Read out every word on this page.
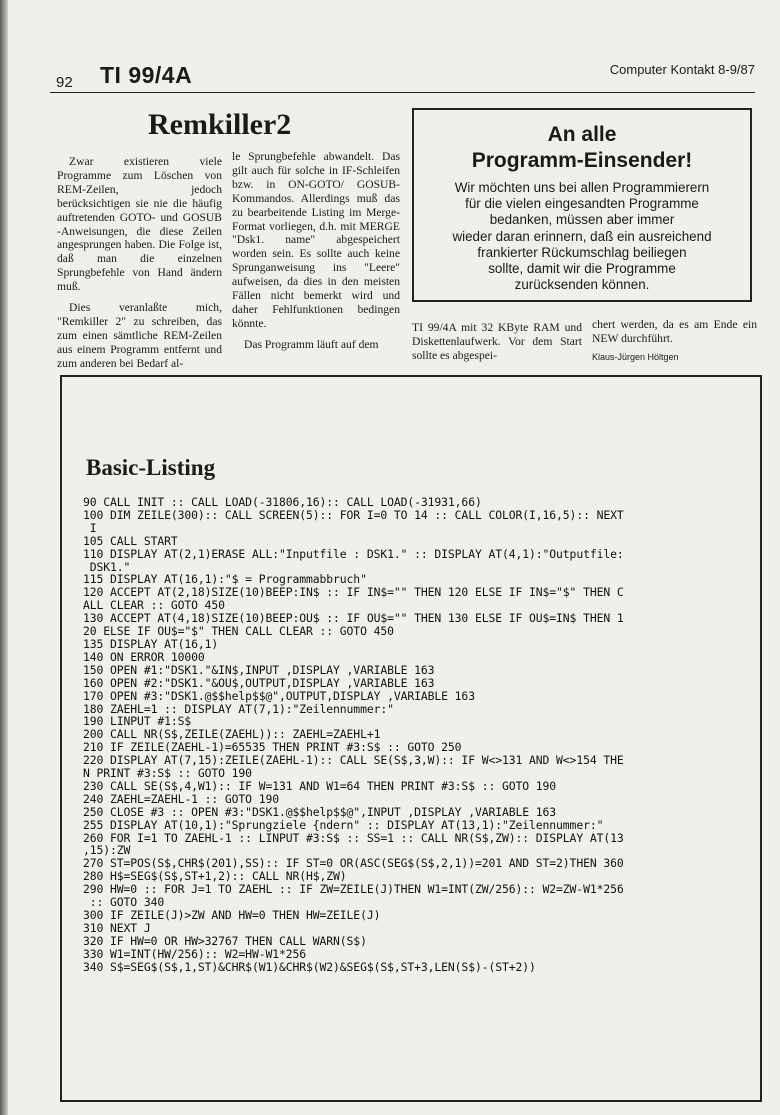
92 TI 99/4A	Computer Kontakt 8-9/87
Remkiller2

Zwar existieren viele Programme zum Löschen von REM-Zeilen, jedoch berücksichtigen sie nie die häufig auftretenden GOTO- und GOSUB -Anweisungen, die diese Zeilen angesprungen haben. Die Folge ist, daß man die einzelnen Sprungbefehle von Hand ändern muß.

Dies veranlaßte mich, "Remkiller 2" zu schreiben, das zum einen sämtliche REM-Zeilen aus einem Programm entfernt und zum anderen bei Bedarf al-

le Sprungbefehle abwandelt. Das gilt auch für solche in IF-Schleifen bzw. in ON-GOTO/ GOSUB-Kommandos. Allerdings muß das zu bearbeitende Listing im Merge-Format vorliegen, d.h. mit MERGE "Dsk1. name" abgespeichert worden sein. Es sollte auch keine Sprunganweisung ins "Leere" aufweisen, da dies in den meisten Fällen nicht bemerkt wird und daher Fehlfunktionen bedingen könnte.

Das Programm läuft auf dem

TI 99/4A mit 32 KByte RAM und Diskettenlaufwerk. Vor dem Start sollte es abgespei-

chert werden, da es am Ende ein NEW durchführt.

Klaus-Jürgen Höltgen
An alle
Programm-Einsender!
Wir möchten uns bei allen Programmierern
für die vielen eingesandten Programme
bedanken, müssen aber immer
wieder daran erinnern, daß ein ausreichend
frankierter Rückumschlag beiliegen
sollte, damit wir die Programme
zurücksenden können.
Basic-Listing
90 CALL INIT :: CALL LOAD(-31806,16):: CALL LOAD(-31931,66)
100 DIM ZEILE(300):: CALL SCREEN(5):: FOR I=0 TO 14 :: CALL COLOR(I,16,5):: NEXT
I
105 CALL START
110 DISPLAY AT(2,1)ERASE ALL:"Inputfile : DSK1." :: DISPLAY AT(4,1):"Outputfile:
DSK1."
115 DISPLAY AT(16,1):"$ = Programmabbruch"
120 ACCEPT AT(2,18)SIZE(10)BEEP:IN$ :: IF IN$="" THEN 120 ELSE IF IN$="$" THEN C
ALL CLEAR :: GOTO 450
130 ACCEPT AT(4,18)SIZE(10)BEEP:OU$ :: IF OU$="" THEN 130 ELSE IF OU$=IN$ THEN 1
20 ELSE IF OU$="$" THEN CALL CLEAR :: GOTO 450
135 DISPLAY AT(16,1)
140 ON ERROR 10000
150 OPEN #1:"DSK1."&IN$,INPUT ,DISPLAY ,VARIABLE 163
160 OPEN #2:"DSK1."&OU$,OUTPUT,DISPLAY ,VARIABLE 163
170 OPEN #3:"DSK1.@$$help$$@",OUTPUT,DISPLAY ,VARIABLE 163
180 ZAEHL=1 :: DISPLAY AT(7,1):"Zeilennummer:"
190 LINPUT #1:S$
200 CALL NR(S$,ZEILE(ZAEHL)):: ZAEHL=ZAEHL+1
210 IF ZEILE(ZAEHL-1)=65535 THEN PRINT #3:S$ :: GOTO 250
220 DISPLAY AT(7,15):ZEILE(ZAEHL-1):: CALL SE(S$,3,W):: IF W<>131 AND W<>154 THE
N PRINT #3:S$ :: GOTO 190
230 CALL SE(S$,4,W1):: IF W=131 AND W1=64 THEN PRINT #3:S$ :: GOTO 190
240 ZAEHL=ZAEHL-1 :: GOTO 190
250 CLOSE #3 :: OPEN #3:"DSK1.@$$help$$@",INPUT ,DISPLAY ,VARIABLE 163
255 DISPLAY AT(10,1):"Sprungziele {ndern" :: DISPLAY AT(13,1):"Zeilennummer:"
260 FOR I=1 TO ZAEHL-1 :: LINPUT #3:S$ :: SS=1 :: CALL NR(S$,ZW):: DISPLAY AT(13
,15):ZW
270 ST=POS(S$,CHR$(201),SS):: IF ST=0 OR(ASC(SEG$(S$,2,1))=201 AND ST=2)THEN 360
280 H$=SEG$(S$,ST+1,2):: CALL NR(H$,ZW)
290 HW=0 :: FOR J=1 TO ZAEHL :: IF ZW=ZEILE(J)THEN W1=INT(ZW/256):: W2=ZW-W1*256
:: GOTO 340
300 IF ZEILE(J)>ZW AND HW=0 THEN HW=ZEILE(J)
310 NEXT J
320 IF HW=0 OR HW>32767 THEN CALL WARN(S$)
330 W1=INT(HW/256):: W2=HW-W1*256
340 S$=SEG$(S$,1,ST)&CHR$(W1)&CHR$(W2)&SEG$(S$,ST+3,LEN(S$)-(ST+2))
